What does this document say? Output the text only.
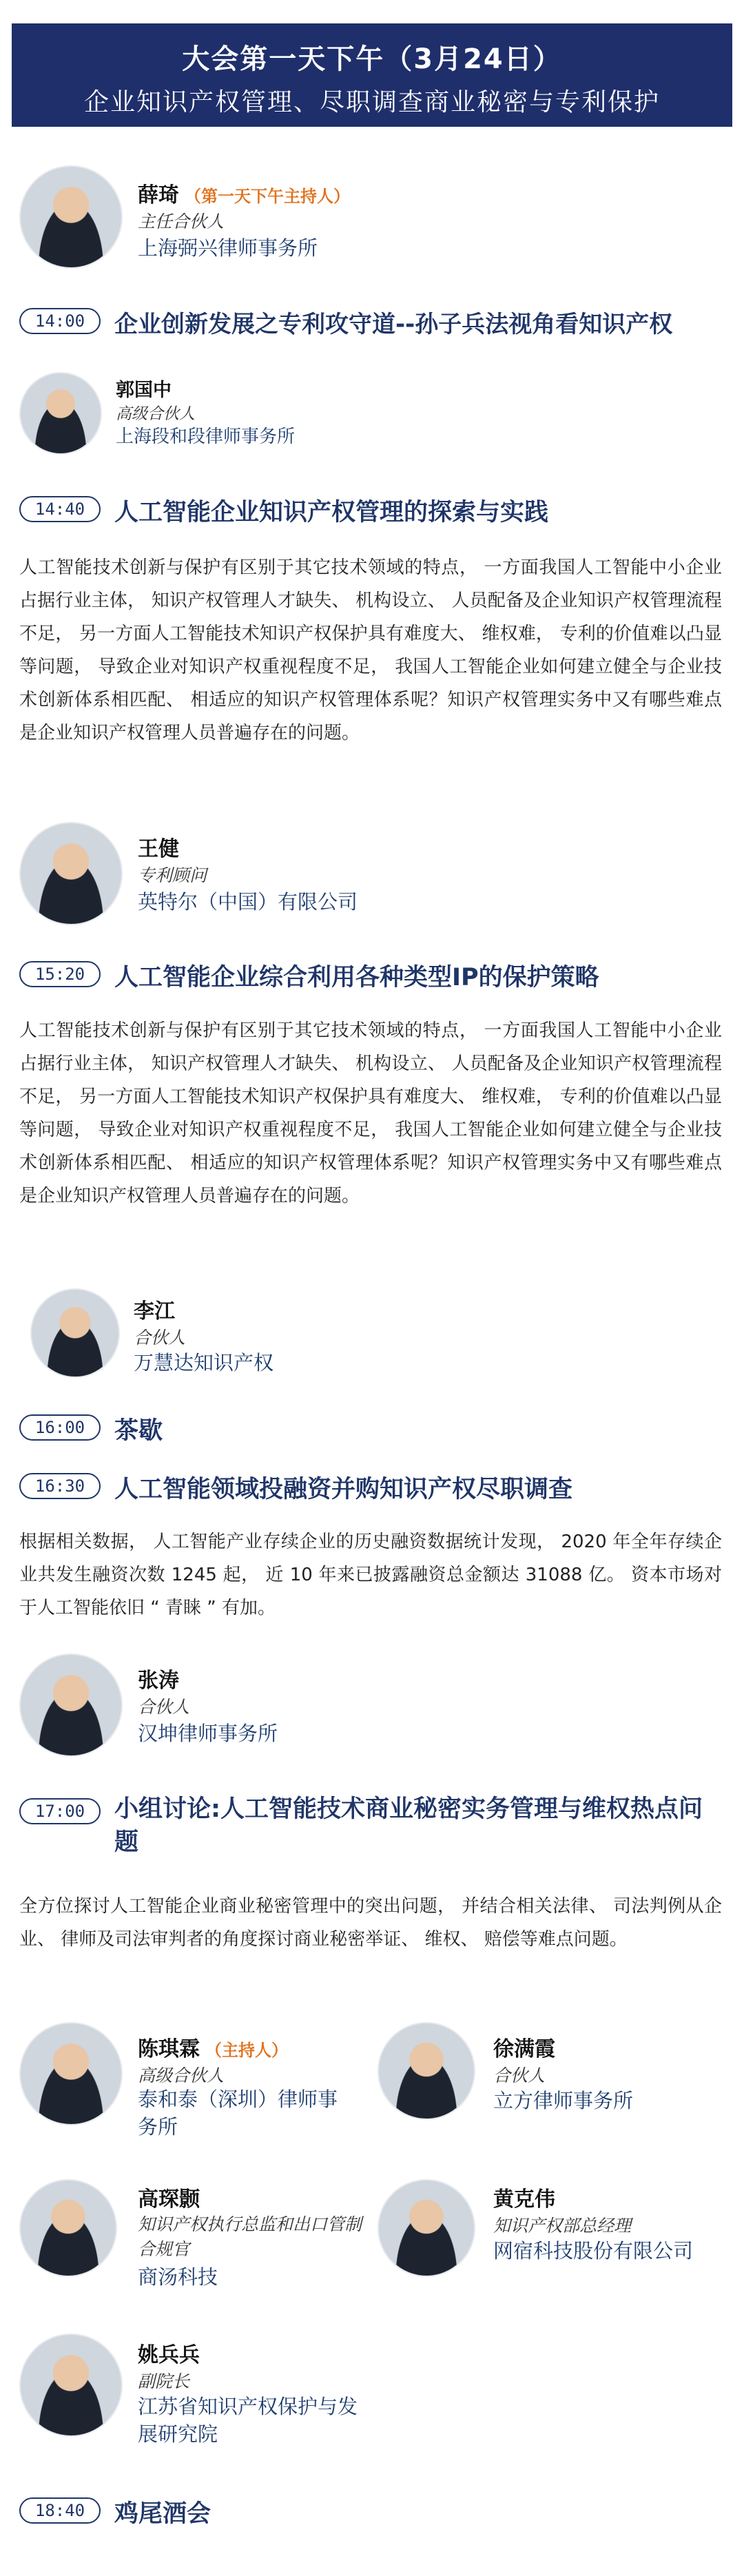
大会第一天下午（3月24日）
企业知识产权管理、尽职调查商业秘密与专利保护
薛琦 （第一天下午主持人）
主任合伙人
上海弼兴律师事务所
14:00	企业创新发展之专利攻守道--孙子兵法视角看知识产权
郭国中
高级合伙人
上海段和段律师事务所
14:40	人工智能企业知识产权管理的探索与实践
人工智能技术创新与保护有区别于其它技术领域的特点， 一方面我国人工智能中小企业占据行业主体， 知识产权管理人才缺失、 机构设立、 人员配备及企业知识产权管理流程不足， 另一方面人工智能技术知识产权保护具有难度大、 维权难， 专利的价值难以凸显等问题， 导致企业对知识产权重视程度不足， 我国人工智能企业如何建立健全与企业技术创新体系相匹配、 相适应的知识产权管理体系呢？知识产权管理实务中又有哪些难点是企业知识产权管理人员普遍存在的问题。
王健
专利顾问
英特尔（中国）有限公司
15:20	人工智能企业综合利用各种类型IP的保护策略
人工智能技术创新与保护有区别于其它技术领域的特点， 一方面我国人工智能中小企业占据行业主体， 知识产权管理人才缺失、 机构设立、 人员配备及企业知识产权管理流程不足， 另一方面人工智能技术知识产权保护具有难度大、 维权难， 专利的价值难以凸显等问题， 导致企业对知识产权重视程度不足， 我国人工智能企业如何建立健全与企业技术创新体系相匹配、 相适应的知识产权管理体系呢？知识产权管理实务中又有哪些难点是企业知识产权管理人员普遍存在的问题。
李江
合伙人
万慧达知识产权
16:00	茶歇
16:30	人工智能领域投融资并购知识产权尽职调查
根据相关数据， 人工智能产业存续企业的历史融资数据统计发现， 2020 年全年存续企业共发生融资次数 1245 起， 近 10 年来已披露融资总金额达 31088 亿。 资本市场对于人工智能依旧 “ 青睐 ” 有加。
张涛
合伙人
汉坤律师事务所
17:00	小组讨论:人工智能技术商业秘密实务管理与维权热点问题
全方位探讨人工智能企业商业秘密管理中的突出问题， 并结合相关法律、 司法判例从企业、 律师及司法审判者的角度探讨商业秘密举证、 维权、 赔偿等难点问题。
陈琪霖 （主持人）
高级合伙人
泰和泰（深圳）律师事务所
徐满霞
合伙人
立方律师事务所
高琛颢
知识产权执行总监和出口管制合规官
商汤科技
黄克伟
知识产权部总经理
网宿科技股份有限公司
姚兵兵
副院长
江苏省知识产权保护与发展研究院
18:40	鸡尾酒会
